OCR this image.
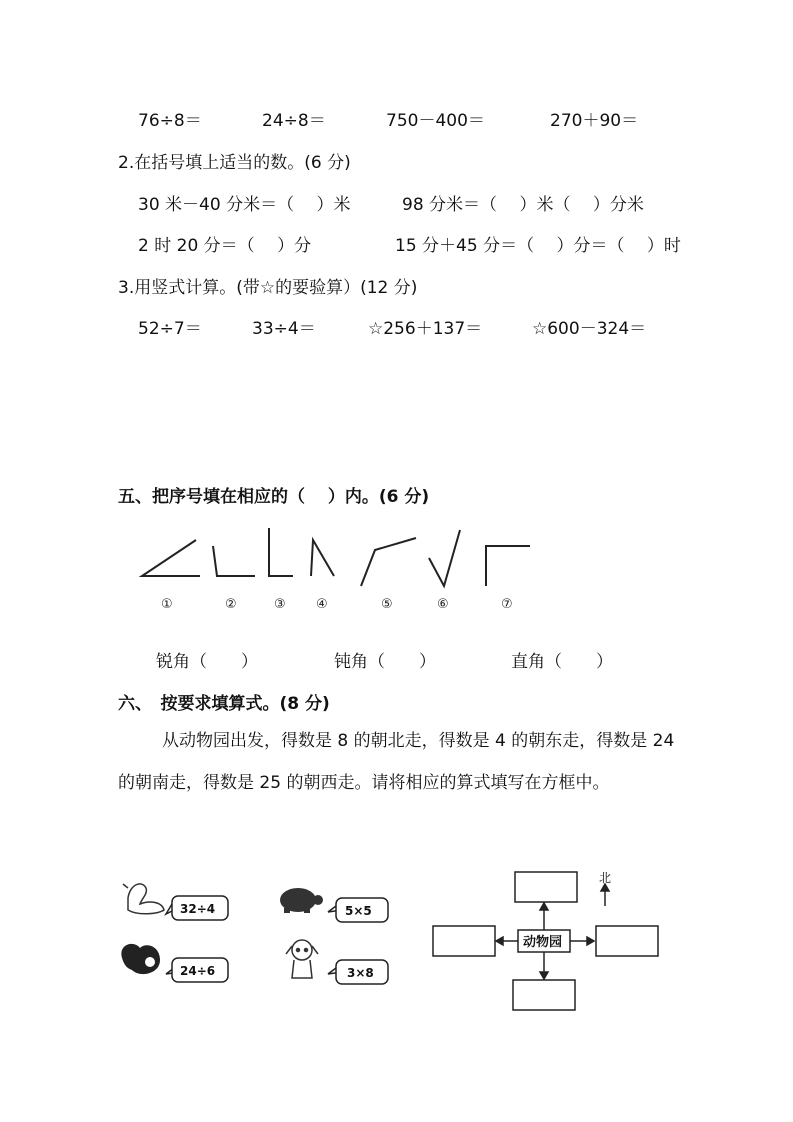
76÷8＝	24÷8＝	750－400＝	270＋90＝
2.在括号填上适当的数。(6 分)
30 米－40 分米＝（　 ）米	98 分米＝（　 ）米（　 ）分米
2 时 20 分＝（　 ）分	15 分＋45 分＝（　 ）分＝（　 ）时
3.用竖式计算。(带☆的要验算）(12 分)
52÷7＝	33÷4＝	☆256＋137＝	☆600－324＝
五、把序号填在相应的（　 ）内。(6 分)
①	②	③ ④	⑤	⑥	⑦
锐角（　　）	钝角（　　）	直角（　　）
六、　按要求填算式。(8 分)
从动物园出发，得数是 8 的朝北走，得数是 4 的朝东走，得数是 24 的朝南走，得数是 25 的朝西走。请将相应的算式填写在方框中。
32÷4	5×5
24÷6	3×8
动物园
北
